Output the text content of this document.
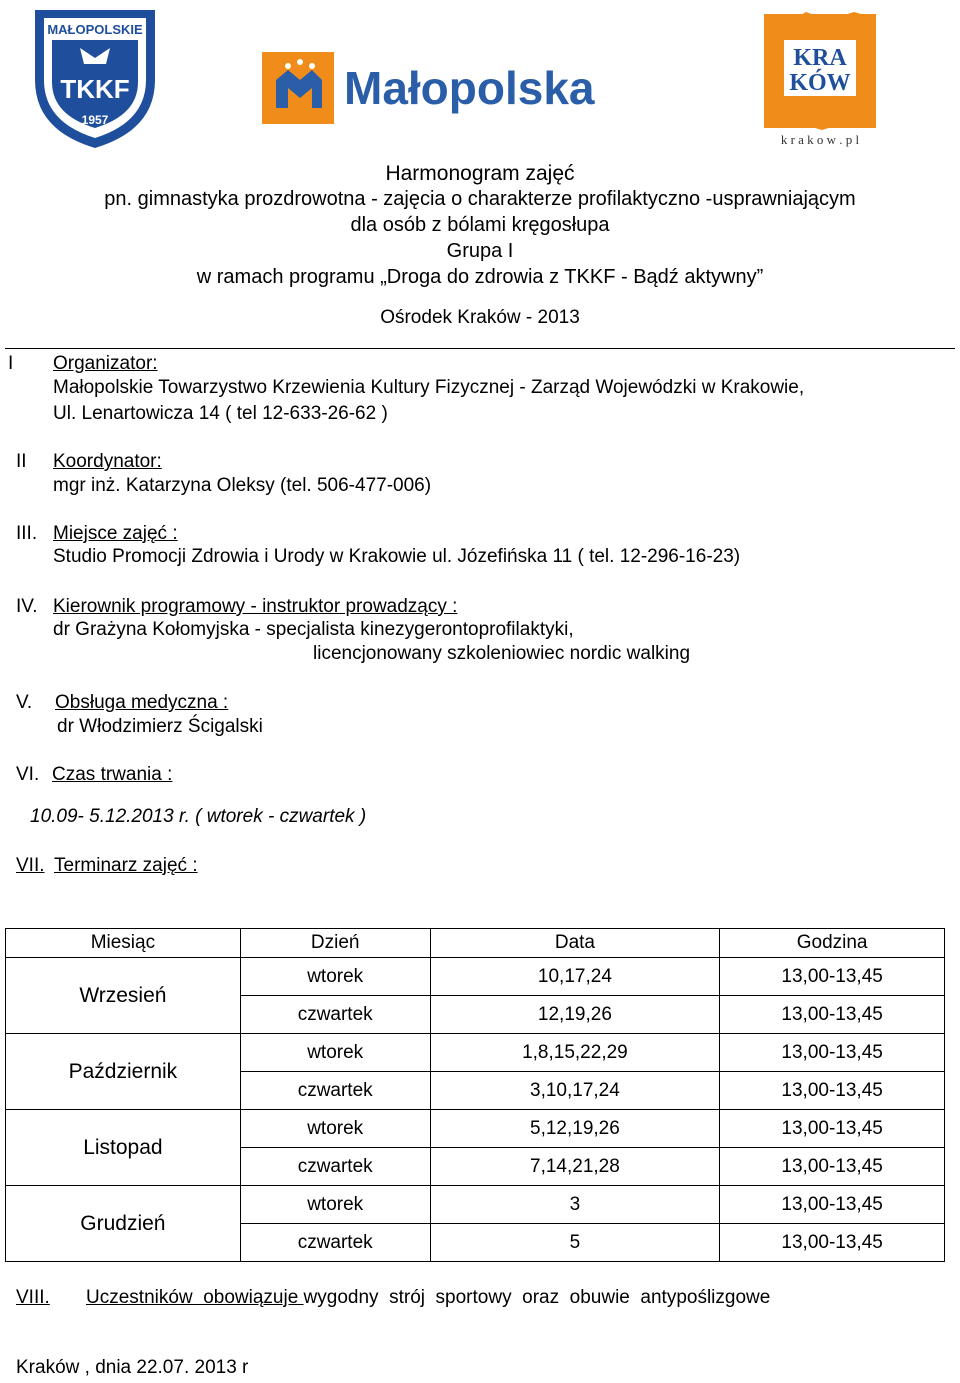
MAŁOPOLSKIE
TKKF
1957
Małopolska
KRA
KÓW
k r a k o w . p l
Harmonogram zajęć
pn. gimnastyka prozdrowotna - zajęcia o charakterze profilaktyczno -usprawniającym
dla osób z bólami kręgosłupa
Grupa I
w ramach programu „Droga do zdrowia z TKKF - Bądź aktywny”
Ośrodek Kraków - 2013
I Organizator:
Małopolskie Towarzystwo Krzewienia Kultury Fizycznej - Zarząd Wojewódzki w Krakowie,
Ul. Lenartowicza 14 ( tel 12-633-26-62 )
II Koordynator:
mgr inż. Katarzyna Oleksy (tel. 506-477-006)
III. Miejsce zajęć :
Studio Promocji Zdrowia i Urody w Krakowie ul. Józefińska 11 ( tel. 12-296-16-23)
IV. Kierownik programowy - instruktor prowadzący :
dr Grażyna Kołomyjska - specjalista kinezygerontoprofilaktyki,
licencjonowany szkoleniowiec nordic walking
V. Obsługa medyczna :
dr Włodzimierz Ścigalski
VI. Czas trwania :
10.09- 5.12.2013 r. ( wtorek - czwartek )
VII. Terminarz zajęć :
Miesiąc	Dzień	Data	Godzina
Wrzesień	wtorek	10,17,24	13,00-13,45
	czwartek	12,19,26	13,00-13,45
Październik	wtorek	1,8,15,22,29	13,00-13,45
	czwartek	3,10,17,24	13,00-13,45
Listopad	wtorek	5,12,19,26	13,00-13,45
	czwartek	7,14,21,28	13,00-13,45
Grudzień	wtorek	3	13,00-13,45
	czwartek	5	13,00-13,45
VIII. Uczestników  obowiązuje wygodny  strój  sportowy  oraz  obuwie  antypoślizgowe
Kraków , dnia 22.07. 2013 r
